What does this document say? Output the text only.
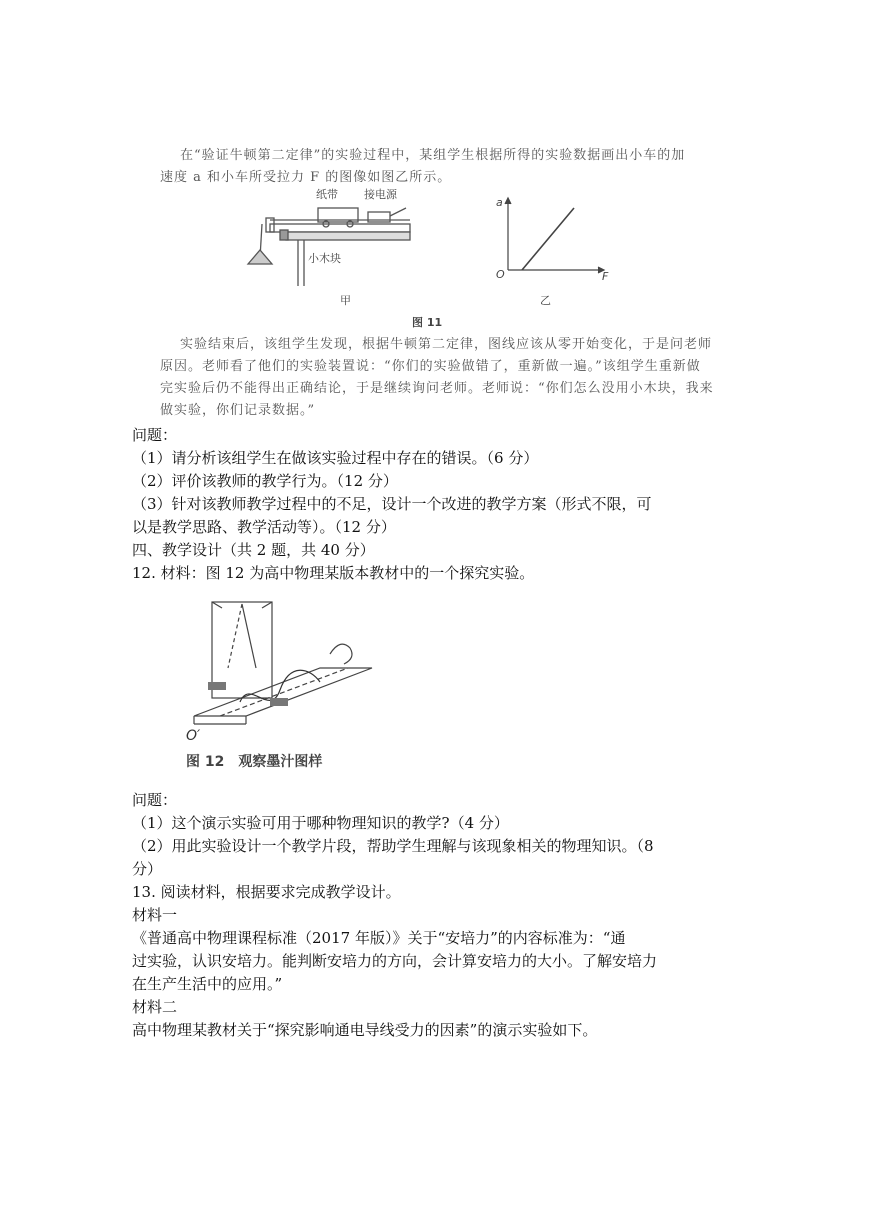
在“验证牛顿第二定律”的实验过程中，某组学生根据所得的实验数据画出小车的加
速度 a 和小车所受拉力 F 的图像如图乙所示。
纸带 接电源
小木块
甲
a
O	F
乙
图 11
实验结束后，该组学生发现，根据牛顿第二定律，图线应该从零开始变化，于是问老师
原因。老师看了他们的实验装置说：“你们的实验做错了，重新做一遍。”该组学生重新做
完实验后仍不能得出正确结论，于是继续询问老师。老师说：“你们怎么没用小木块，我来
做实验，你们记录数据。”
问题：
（1）请分析该组学生在做该实验过程中存在的错误。（6 分）
（2）评价该教师的教学行为。（12 分）
（3）针对该教师教学过程中的不足，设计一个改进的教学方案（形式不限，可
以是教学思路、教学活动等）。（12 分）
四、教学设计（共 2 题，共 40 分）
12. 材料：图 12 为高中物理某版本教材中的一个探究实验。
O′
图 12　观察墨汁图样
问题：
（1）这个演示实验可用于哪种物理知识的教学?（4 分）
（2）用此实验设计一个教学片段，帮助学生理解与该现象相关的物理知识。（8
分）
13. 阅读材料，根据要求完成教学设计。
材料一
《普通高中物理课程标准（2017 年版）》关于“安培力”的内容标准为：“通
过实验，认识安培力。能判断安培力的方向，会计算安培力的大小。了解安培力
在生产生活中的应用。”
材料二
高中物理某教材关于“探究影响通电导线受力的因素”的演示实验如下。
